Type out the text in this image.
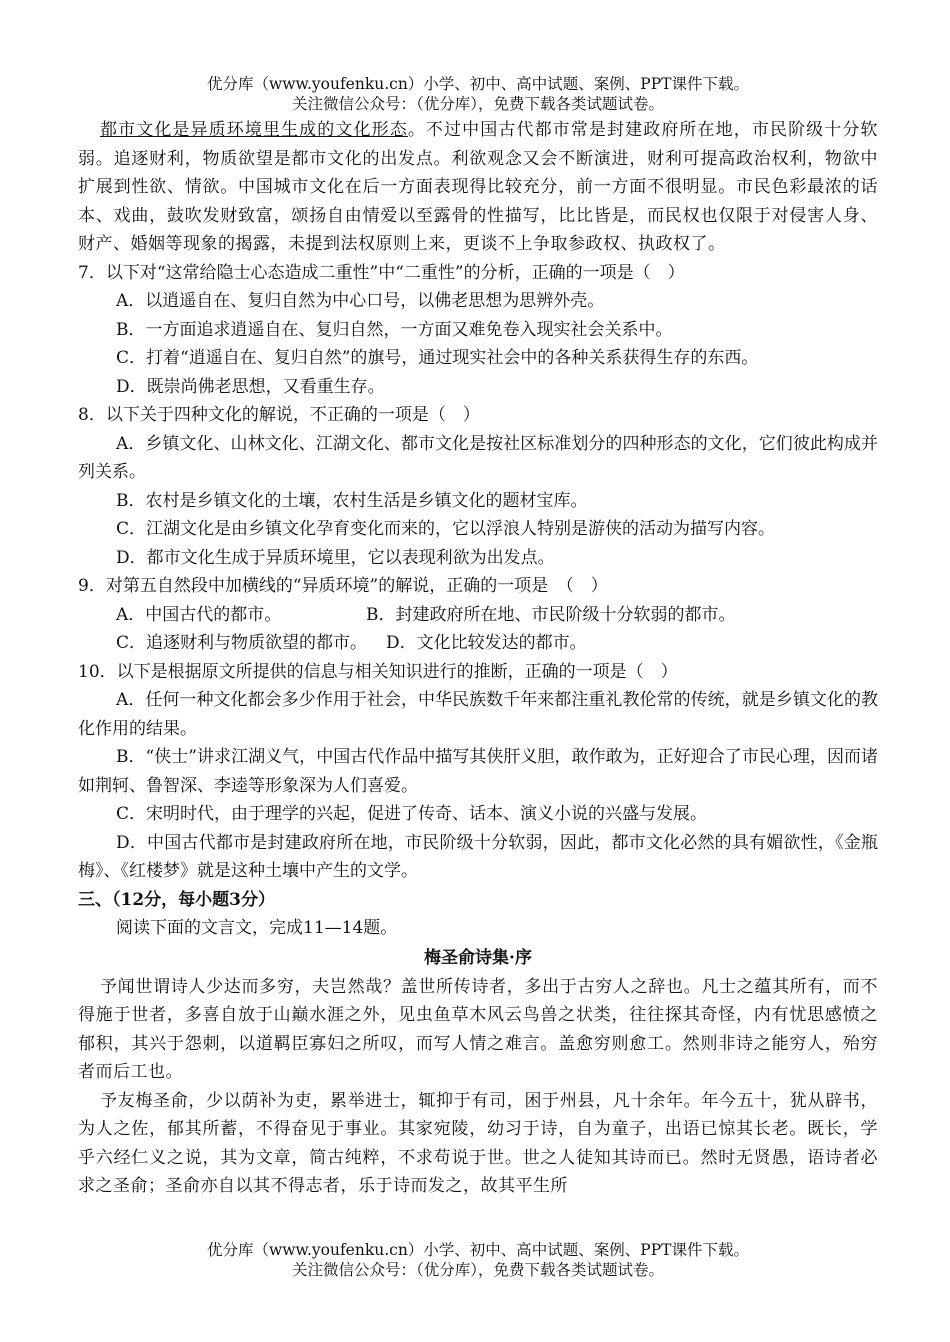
优分库（www.youfenku.cn）小学、初中、高中试题、案例、PPT课件下载。
关注微信公众号：（优分库），免费下载各类试题试卷。

都市文化是异质环境里生成的文化形态。不过中国古代都市常是封建政府所在地，市民阶级十分软弱。追逐财利，物质欲望是都市文化的出发点。利欲观念又会不断演进，财利可提高政治权利，物欲中扩展到性欲、情欲。中国城市文化在后一方面表现得比较充分，前一方面不很明显。市民色彩最浓的话本、戏曲，鼓吹发财致富，颂扬自由情爱以至露骨的性描写，比比皆是，而民权也仅限于对侵害人身、财产、婚姻等现象的揭露，未提到法权原则上来，更谈不上争取参政权、执政权了。

7．以下对“这常给隐士心态造成二重性”中“二重性”的分析，正确的一项是（　）

A．以逍遥自在、复归自然为中心口号，以佛老思想为思辨外壳。

B．一方面追求逍遥自在、复归自然，一方面又难免卷入现实社会关系中。

C．打着“逍遥自在、复归自然”的旗号，通过现实社会中的各种关系获得生存的东西。

D．既崇尚佛老思想，又看重生存。

8．以下关于四种文化的解说，不正确的一项是（　）

A．乡镇文化、山林文化、江湖文化、都市文化是按社区标准划分的四种形态的文化，它们彼此构成并列关系。

B．农村是乡镇文化的土壤，农村生活是乡镇文化的题材宝库。

C．江湖文化是由乡镇文化孕育变化而来的，它以浮浪人特别是游侠的活动为描写内容。

D．都市文化生成于异质环境里，它以表现利欲为出发点。

9．对第五自然段中加横线的“异质环境”的解说，正确的一项是　（　）

A．中国古代的都市。	B．封建政府所在地、市民阶级十分软弱的都市。
C．追逐财利与物质欲望的都市。	D．文化比较发达的都市。

10．以下是根据原文所提供的信息与相关知识进行的推断，正确的一项是（　）

A．任何一种文化都会多少作用于社会，中华民族数千年来都注重礼教伦常的传统，就是乡镇文化的教化作用的结果。

B．“侠士”讲求江湖义气，中国古代作品中描写其侠肝义胆，敢作敢为，正好迎合了市民心理，因而诸如荆轲、鲁智深、李逵等形象深为人们喜爱。

C．宋明时代，由于理学的兴起，促进了传奇、话本、演义小说的兴盛与发展。

D．中国古代都市是封建政府所在地，市民阶级十分软弱，因此，都市文化必然的具有媚欲性，《金瓶梅》、《红楼梦》就是这种土壤中产生的文学。

三、（12分，每小题3分）

阅读下面的文言文，完成11—14题。

梅圣俞诗集·序

予闻世谓诗人少达而多穷，夫岂然哉？盖世所传诗者，多出于古穷人之辞也。凡士之蕴其所有，而不得施于世者，多喜自放于山巅水涯之外，见虫鱼草木风云鸟兽之状类，往往探其奇怪，内有忧思感愤之郁积，其兴于怨刺，以道羁臣寡妇之所叹，而写人情之难言。盖愈穷则愈工。然则非诗之能穷人，殆穷者而后工也。

予友梅圣俞，少以荫补为吏，累举进士，辄抑于有司，困于州县，凡十余年。年今五十，犹从辟书，为人之佐，郁其所蓄，不得奋见于事业。其家宛陵，幼习于诗，自为童子，出语已惊其长老。既长，学乎六经仁义之说，其为文章，简古纯粹，不求苟说于世。世之人徒知其诗而已。然时无贤愚，语诗者必求之圣俞；圣俞亦自以其不得志者，乐于诗而发之，故其平生所

优分库（www.youfenku.cn）小学、初中、高中试题、案例、PPT课件下载。
关注微信公众号：（优分库），免费下载各类试题试卷。
